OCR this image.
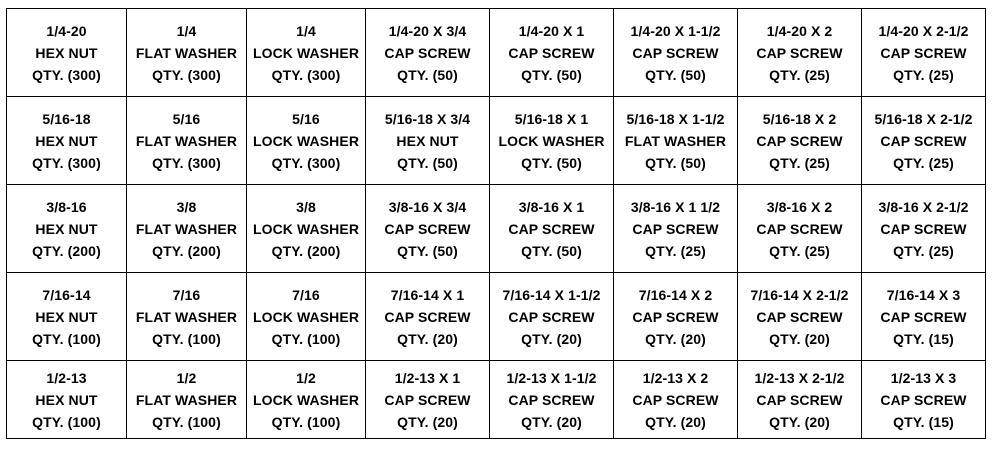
1/4-20
HEX NUT
QTY. (300)	1/4
FLAT WASHER
QTY. (300)	1/4
LOCK WASHER
QTY. (300)	1/4-20 X 3/4
CAP SCREW
QTY. (50)	1/4-20 X 1
CAP SCREW
QTY. (50)	1/4-20 X 1-1/2
CAP SCREW
QTY. (50)	1/4-20 X 2
CAP SCREW
QTY. (25)	1/4-20 X 2-1/2
CAP SCREW
QTY. (25)

5/16-18
HEX NUT
QTY. (300)	5/16
FLAT WASHER
QTY. (300)	5/16
LOCK WASHER
QTY. (300)	5/16-18 X 3/4
HEX NUT
QTY. (50)	5/16-18 X 1
LOCK WASHER
QTY. (50)	5/16-18 X 1-1/2
FLAT WASHER
QTY. (50)	5/16-18 X 2
CAP SCREW
QTY. (25)	5/16-18 X 2-1/2
CAP SCREW
QTY. (25)

3/8-16
HEX NUT
QTY. (200)	3/8
FLAT WASHER
QTY. (200)	3/8
LOCK WASHER
QTY. (200)	3/8-16 X 3/4
CAP SCREW
QTY. (50)	3/8-16 X 1
CAP SCREW
QTY. (50)	3/8-16 X 1 1/2
CAP SCREW
QTY. (25)	3/8-16 X 2
CAP SCREW
QTY. (25)	3/8-16 X 2-1/2
CAP SCREW
QTY. (25)

7/16-14
HEX NUT
QTY. (100)	7/16
FLAT WASHER
QTY. (100)	7/16
LOCK WASHER
QTY. (100)	7/16-14 X 1
CAP SCREW
QTY. (20)	7/16-14 X 1-1/2
CAP SCREW
QTY. (20)	7/16-14 X 2
CAP SCREW
QTY. (20)	7/16-14 X 2-1/2
CAP SCREW
QTY. (20)	7/16-14 X 3
CAP SCREW
QTY. (15)

1/2-13
HEX NUT
QTY. (100)	1/2
FLAT WASHER
QTY. (100)	1/2
LOCK WASHER
QTY. (100)	1/2-13 X 1
CAP SCREW
QTY. (20)	1/2-13 X 1-1/2
CAP SCREW
QTY. (20)	1/2-13 X 2
CAP SCREW
QTY. (20)	1/2-13 X 2-1/2
CAP SCREW
QTY. (20)	1/2-13 X 3
CAP SCREW
QTY. (15)
